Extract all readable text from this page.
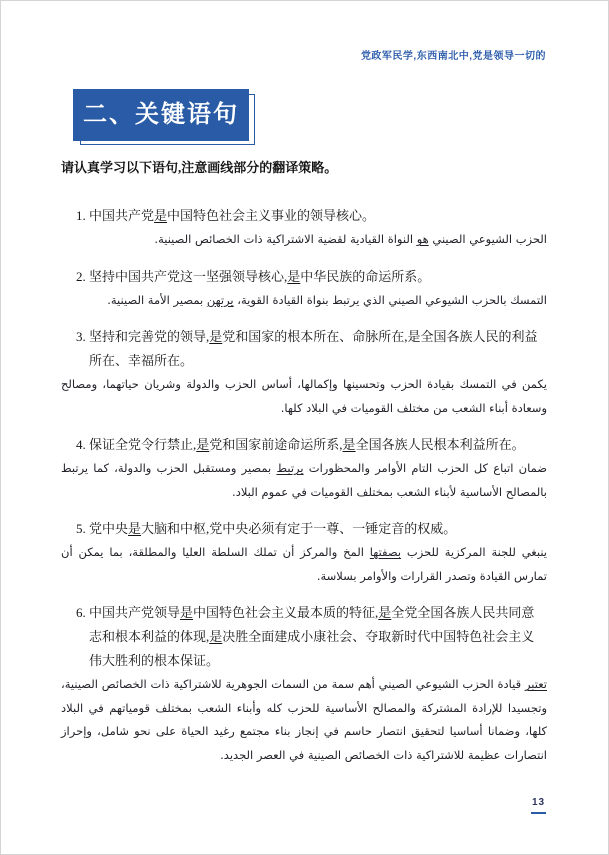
党政军民学,东西南北中,党是领导一切的
二、关键语句

请认真学习以下语句,注意画线部分的翻译策略。

1. 中国共产党是中国特色社会主义事业的领导核心。

الحزب الشيوعي الصيني هو النواة القيادية لقضية الاشتراكية ذات الخصائص الصينية.

2. 坚持中国共产党这一坚强领导核心,是中华民族的命运所系。

التمسك بالحزب الشيوعي الصيني الذي يرتبط بنواة القيادة القوية، يرتهن بمصير الأمة الصينية.

3. 坚持和完善党的领导,是党和国家的根本所在、命脉所在,是全国各族人民的利益所在、幸福所在。

يكمن في التمسك بقيادة الحزب وتحسينها وإكمالها، أساس الحزب والدولة وشريان حياتهما، ومصالح وسعادة أبناء الشعب من مختلف القوميات في البلاد كلها.

4. 保证全党令行禁止,是党和国家前途命运所系,是全国各族人民根本利益所在。

ضمان اتباع كل الحزب التام الأوامر والمحظورات يرتبط بمصير ومستقبل الحزب والدولة، كما يرتبط بالمصالح الأساسية لأبناء الشعب بمختلف القوميات في عموم البلاد.

5. 党中央是大脑和中枢,党中央必须有定于一尊、一锤定音的权威。

ينبغي للجنة المركزية للحزب بصفتها المخ والمركز أن تملك السلطة العليا والمطلقة، بما يمكن أن تمارس القيادة وتصدر القرارات والأوامر بسلاسة.

6. 中国共产党领导是中国特色社会主义最本质的特征,是全党全国各族人民共同意志和根本利益的体现,是决胜全面建成小康社会、夺取新时代中国特色社会主义伟大胜利的根本保证。

تعتبر قيادة الحزب الشيوعي الصيني أهم سمة من السمات الجوهرية للاشتراكية ذات الخصائص الصينية، وتجسيدا للإرادة المشتركة والمصالح الأساسية للحزب كله وأبناء الشعب بمختلف قومياتهم في البلاد كلها، وضمانا أساسيا لتحقيق انتصار حاسم في إنجاز بناء مجتمع رغيد الحياة على نحو شامل، وإحراز انتصارات عظيمة للاشتراكية ذات الخصائص الصينية في العصر الجديد.

13
